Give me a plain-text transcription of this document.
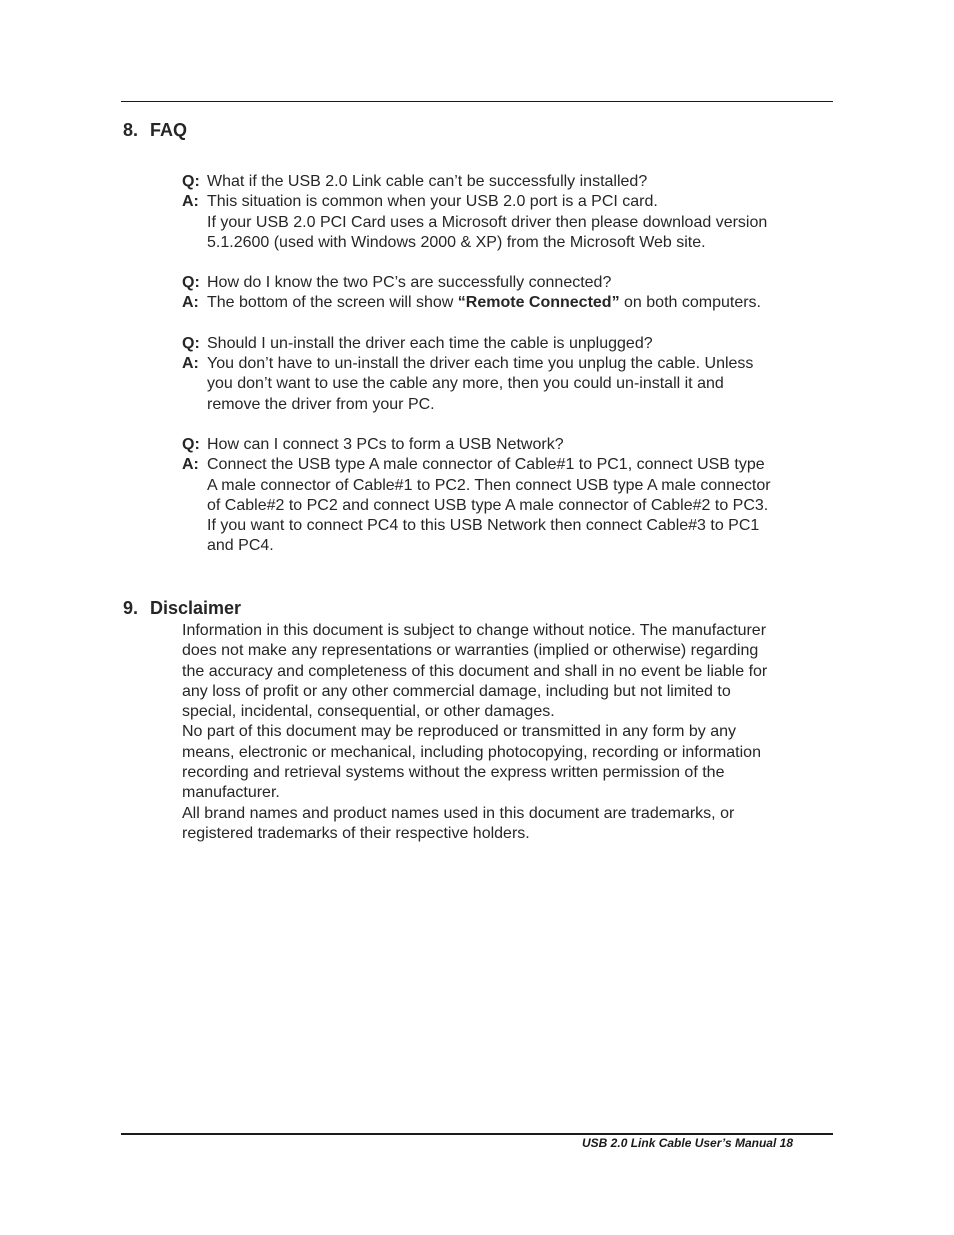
8. FAQ
Q: What if the USB 2.0 Link cable can’t be successfully installed?
A: This situation is common when your USB 2.0 port is a PCI card.
If your USB 2.0 PCI Card uses a Microsoft driver then please download version
5.1.2600 (used with Windows 2000 & XP) from the Microsoft Web site.
Q: How do I know the two PC’s are successfully connected?
A: The bottom of the screen will show “Remote Connected” on both computers.
Q: Should I un-install the driver each time the cable is unplugged?
A: You don’t have to un-install the driver each time you unplug the cable. Unless
you don’t want to use the cable any more, then you could un-install it and
remove the driver from your PC.
Q: How can I connect 3 PCs to form a USB Network?
A: Connect the USB type A male connector of Cable#1 to PC1, connect USB type
A male connector of Cable#1 to PC2. Then connect USB type A male connector
of Cable#2 to PC2 and connect USB type A male connector of Cable#2 to PC3.
If you want to connect PC4 to this USB Network then connect Cable#3 to PC1
and PC4.
9. Disclaimer

Information in this document is subject to change without notice. The manufacturer

does not make any representations or warranties (implied or otherwise) regarding

the accuracy and completeness of this document and shall in no event be liable for

any loss of profit or any other commercial damage, including but not limited to

special, incidental, consequential, or other damages.

No part of this document may be reproduced or transmitted in any form by any

means, electronic or mechanical, including photocopying, recording or information

recording and retrieval systems without the express written permission of the

manufacturer.

All brand names and product names used in this document are trademarks, or

registered trademarks of their respective holders.

USB 2.0 Link Cable User’s Manual 18
